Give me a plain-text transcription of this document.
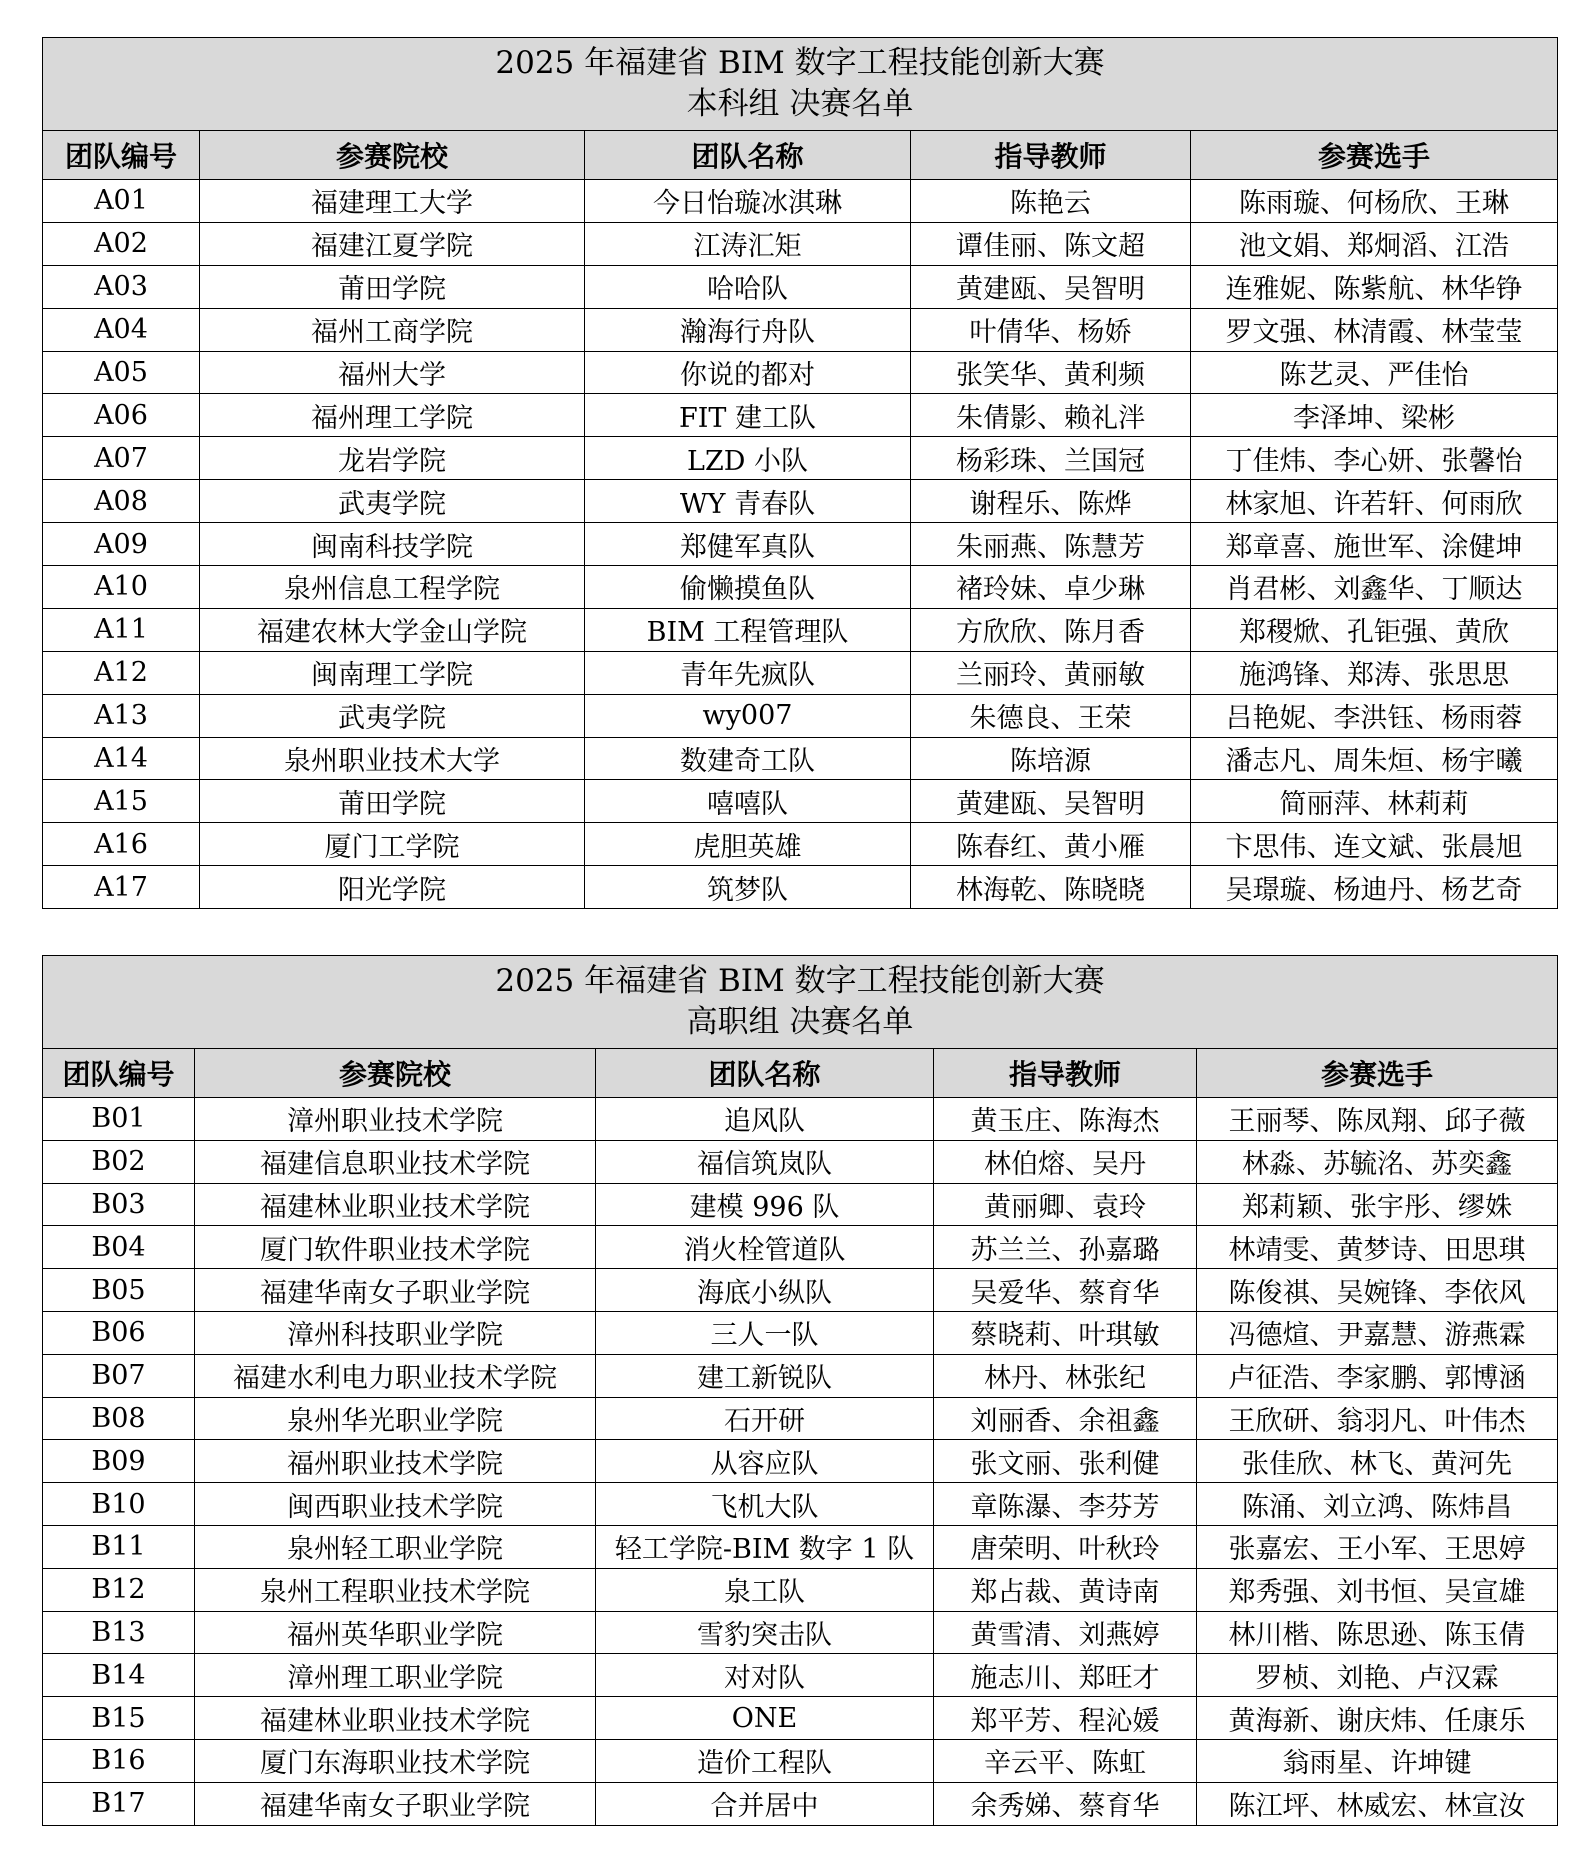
2025 年福建省 BIM 数字工程技能创新大赛
本科组 决赛名单				

团队编号	参赛院校	团队名称	指导教师	参赛选手
A01	福建理工大学	今日怡璇冰淇琳	陈艳云	陈雨璇、何杨欣、王琳
A02	福建江夏学院	江涛汇矩	谭佳丽、陈文超	池文娟、郑炯滔、江浩
A03	莆田学院	哈哈队	黄建瓯、吴智明	连雅妮、陈紫航、林华铮
A04	福州工商学院	瀚海行舟队	叶倩华、杨娇	罗文强、林清霞、林莹莹
A05	福州大学	你说的都对	张笑华、黄利频	陈艺灵、严佳怡
A06	福州理工学院	FIT 建工队	朱倩影、赖礼泮	李泽坤、梁彬
A07	龙岩学院	LZD 小队	杨彩珠、兰国冠	丁佳炜、李心妍、张馨怡
A08	武夷学院	WY 青春队	谢程乐、陈烨	林家旭、许若轩、何雨欣
A09	闽南科技学院	郑健军真队	朱丽燕、陈慧芳	郑章喜、施世军、涂健坤
A10	泉州信息工程学院	偷懒摸鱼队	褚玲妹、卓少琳	肖君彬、刘鑫华、丁顺达
A11	福建农林大学金山学院	BIM 工程管理队	方欣欣、陈月香	郑稷焮、孔钜强、黄欣
A12	闽南理工学院	青年先疯队	兰丽玲、黄丽敏	施鸿锋、郑涛、张思思
A13	武夷学院	wy007	朱德良、王荣	吕艳妮、李洪钰、杨雨蓉
A14	泉州职业技术大学	数建奇工队	陈培源	潘志凡、周朱烜、杨宇曦
A15	莆田学院	嘻嘻队	黄建瓯、吴智明	简丽萍、林莉莉
A16	厦门工学院	虎胆英雄	陈春红、黄小雁	卞思伟、连文斌、张晨旭
A17	阳光学院	筑梦队	林海乾、陈晓晓	吴璟璇、杨迪丹、杨艺奇
2025 年福建省 BIM 数字工程技能创新大赛
高职组 决赛名单				

团队编号	参赛院校	团队名称	指导教师	参赛选手
B01	漳州职业技术学院	追风队	黄玉庄、陈海杰	王丽琴、陈凤翔、邱子薇
B02	福建信息职业技术学院	福信筑岚队	林伯熔、吴丹	林淼、苏毓洺、苏奕鑫
B03	福建林业职业技术学院	建模 996 队	黄丽卿、袁玲	郑莉颖、张宇彤、缪姝
B04	厦门软件职业技术学院	消火栓管道队	苏兰兰、孙嘉璐	林靖雯、黄梦诗、田思琪
B05	福建华南女子职业学院	海底小纵队	吴爱华、蔡育华	陈俊祺、吴婉锋、李依风
B06	漳州科技职业学院	三人一队	蔡晓莉、叶琪敏	冯德煊、尹嘉慧、游燕霖
B07	福建水利电力职业技术学院	建工新锐队	林丹、林张纪	卢征浩、李家鹏、郭博涵
B08	泉州华光职业学院	石开研	刘丽香、余祖鑫	王欣研、翁羽凡、叶伟杰
B09	福州职业技术学院	从容应队	张文丽、张利健	张佳欣、林飞、黄河先
B10	闽西职业技术学院	飞机大队	章陈瀑、李芬芳	陈涌、刘立鸿、陈炜昌
B11	泉州轻工职业学院	轻工学院-BIM 数字 1 队	唐荣明、叶秋玲	张嘉宏、王小军、王思婷
B12	泉州工程职业技术学院	泉工队	郑占裁、黄诗南	郑秀强、刘书恒、吴宣雄
B13	福州英华职业学院	雪豹突击队	黄雪清、刘燕婷	林川楷、陈思逊、陈玉倩
B14	漳州理工职业学院	对对队	施志川、郑旺才	罗桢、刘艳、卢汉霖
B15	福建林业职业技术学院	ONE	郑平芳、程沁媛	黄海新、谢庆炜、任康乐
B16	厦门东海职业技术学院	造价工程队	辛云平、陈虹	翁雨星、许坤键
B17	福建华南女子职业学院	合并居中	余秀娣、蔡育华	陈江坪、林威宏、林宣汝
